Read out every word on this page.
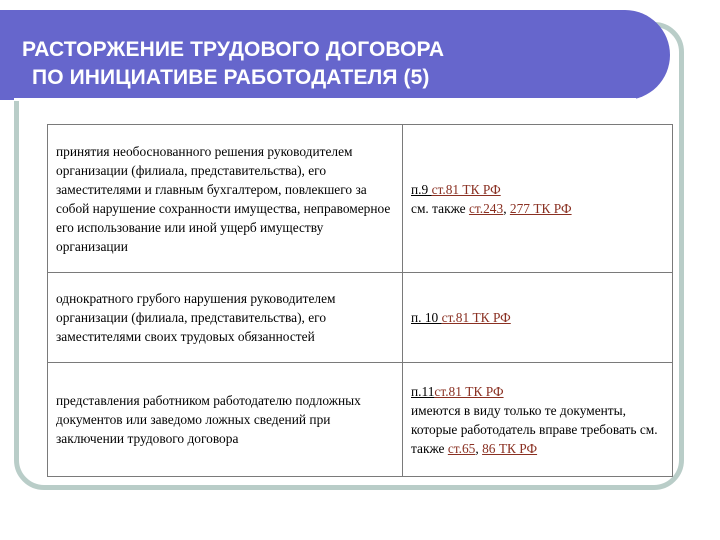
РАСТОРЖЕНИЕ ТРУДОВОГО ДОГОВОРА
ПО ИНИЦИАТИВЕ РАБОТОДАТЕЛЯ (5)
принятия необоснованного решения руководителем организации (филиала, представительства), его заместителями и главным бухгалтером, повлекшего за собой нарушение сохранности имущества, неправомерное его использование или иной ущерб имуществу организации	п.9 ст.81 ТК РФ
см. также ст.243, 277 ТК РФ
однократного грубого нарушения руководителем организации (филиала, представительства), его заместителями своих трудовых обязанностей	п. 10 ст.81 ТК РФ
представления работником работодателю подложных документов или заведомо ложных сведений при заключении трудового договора	п.11ст.81 ТК РФ
имеются в виду только те документы, которые работодатель вправе требовать см. также ст.65, 86 ТК РФ
